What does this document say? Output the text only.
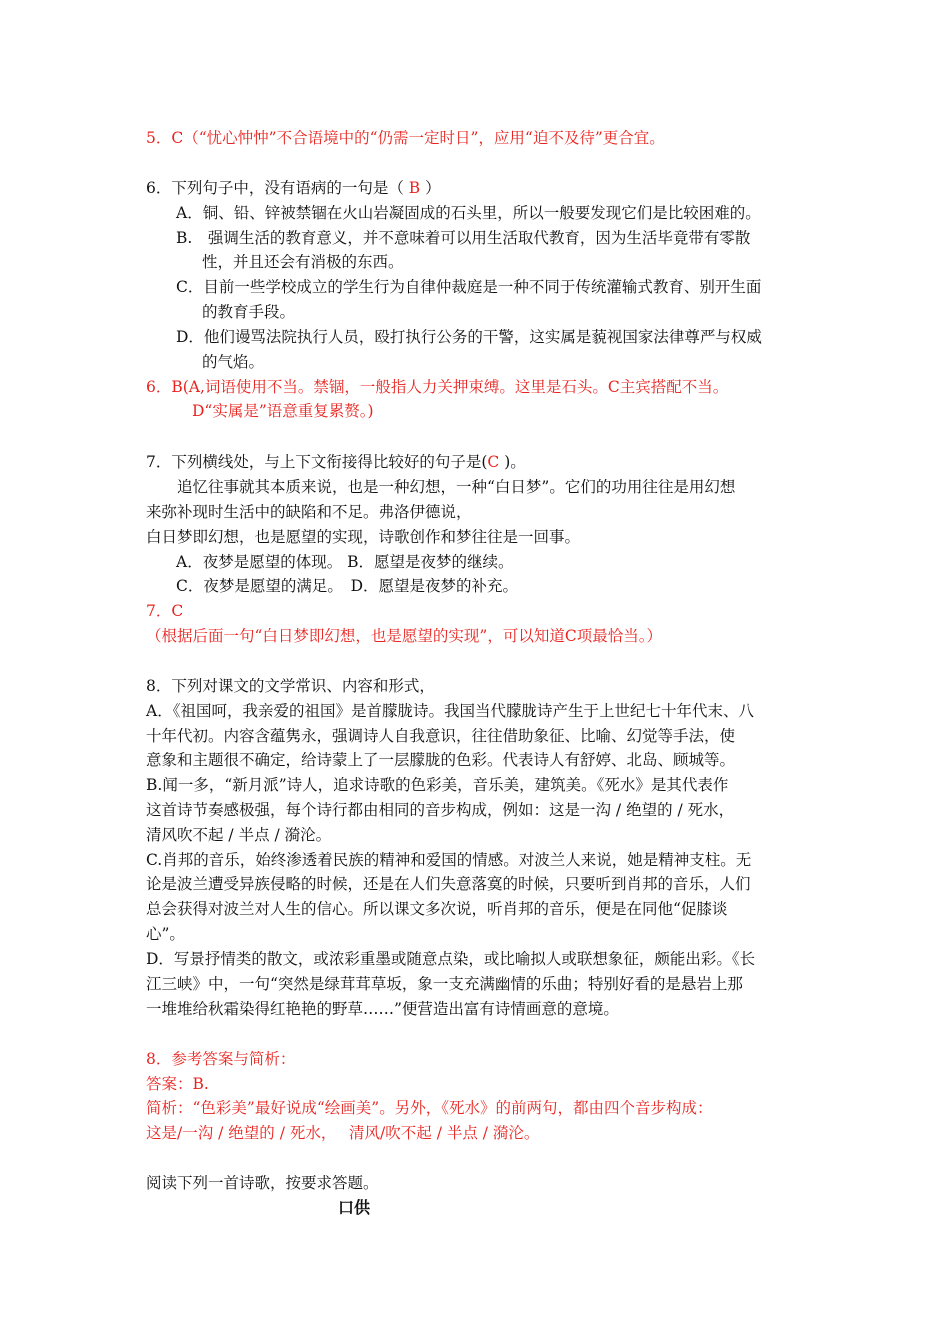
5．C（“忧心忡忡”不合语境中的“仍需一定时日”，应用“迫不及待”更合宜。
6．下列句子中，没有语病的一句是（ B ）
A．铜、铅、锌被禁锢在火山岩凝固成的石头里，所以一般要发现它们是比较困难的。
B.　强调生活的教育意义，并不意味着可以用生活取代教育，因为生活毕竟带有零散
性，并且还会有消极的东西。
C．目前一些学校成立的学生行为自律仲裁庭是一种不同于传统灌输式教育、别开生面
的教育手段。
D．他们谩骂法院执行人员，殴打执行公务的干警，这实属是藐视国家法律尊严与权威
的气焰。
6．B(A,词语使用不当。禁锢，一般指人力关押束缚。这里是石头。C主宾搭配不当。
D“实属是”语意重复累赘。)
7．下列横线处，与上下文衔接得比较好的句子是(C )。
追忆往事就其本质来说，也是一种幻想，一种“白日梦”。它们的功用往往是用幻想
来弥补现时生活中的缺陷和不足。弗洛伊德说，
白日梦即幻想，也是愿望的实现，诗歌创作和梦往往是一回事。
A．夜梦是愿望的体现。 B．愿望是夜梦的继续。
C．夜梦是愿望的满足。　D．愿望是夜梦的补充。
7．C
（根据后面一句“白日梦即幻想，也是愿望的实现”，可以知道C项最恰当。）
8．下列对课文的文学常识、内容和形式，
A．《祖国呵，我亲爱的祖国》是首朦胧诗。我国当代朦胧诗产生于上世纪七十年代末、八
十年代初。内容含蕴隽永，强调诗人自我意识，往往借助象征、比喻、幻觉等手法，使
意象和主题很不确定，给诗蒙上了一层朦胧的色彩。代表诗人有舒婷、北岛、顾城等。
B.闻一多，“新月派”诗人，追求诗歌的色彩美，音乐美，建筑美。《死水》是其代表作
这首诗节奏感极强，每个诗行都由相同的音步构成，例如：这是一沟 / 绝望的 / 死水，
清风吹不起 / 半点 / 漪沦。
C.肖邦的音乐，始终渗透着民族的精神和爱国的情感。对波兰人来说，她是精神支柱。无
论是波兰遭受异族侵略的时候，还是在人们失意落寞的时候，只要听到肖邦的音乐，人们
总会获得对波兰对人生的信心。所以课文多次说，听肖邦的音乐，便是在同他“促膝谈
心”。
D．写景抒情类的散文，或浓彩重墨或随意点染，或比喻拟人或联想象征，颇能出彩。《长
江三峡》中，一句“突然是绿茸茸草坂，象一支充满幽情的乐曲；特别好看的是悬岩上那
一堆堆给秋霜染得红艳艳的野草……”便营造出富有诗情画意的意境。
8．参考答案与简析：
答案：B.
简析：“色彩美”最好说成“绘画美”。另外，《死水》的前两句，都由四个音步构成：
这是/一沟 / 绝望的 / 死水，　 清风/吹不起 / 半点 / 漪沦。
阅读下列一首诗歌，按要求答题。
口供
